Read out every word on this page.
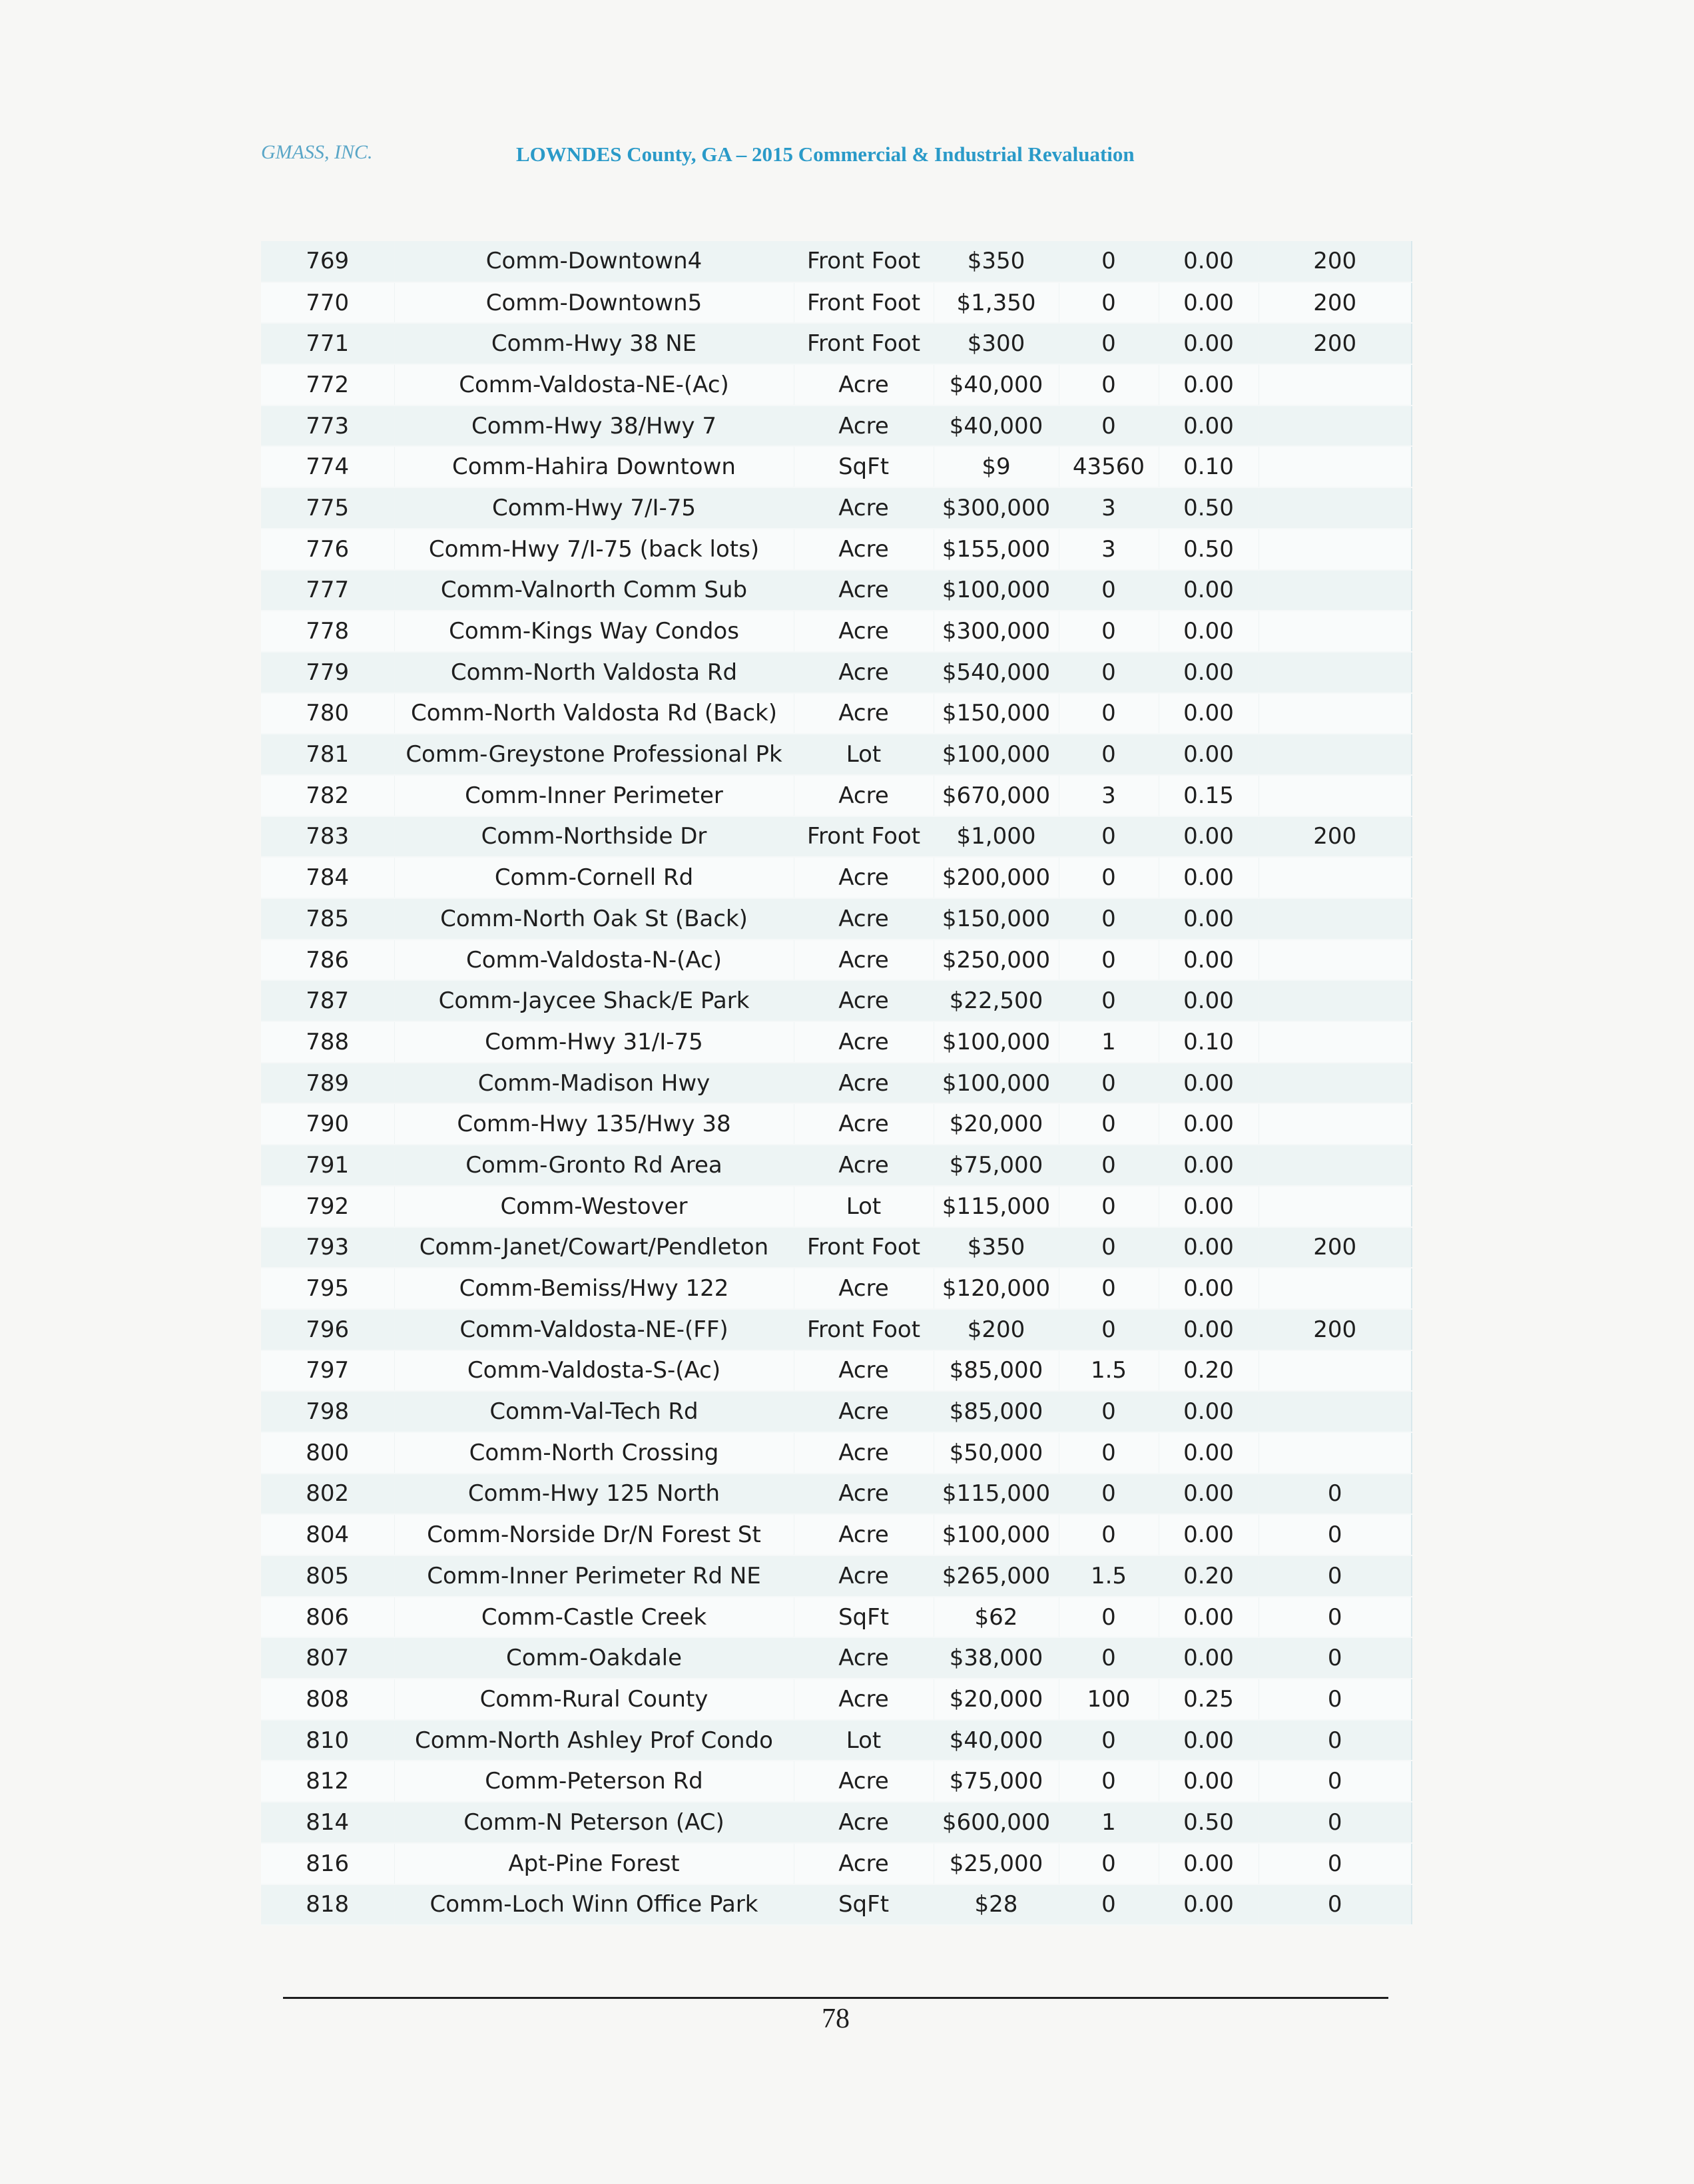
GMASS, INC.	LOWNDES County, GA – 2015 Commercial & Industrial Revaluation
769	Comm-Downtown4	Front Foot	$350	0	0.00	200
770	Comm-Downtown5	Front Foot	$1,350	0	0.00	200
771	Comm-Hwy 38 NE	Front Foot	$300	0	0.00	200
772	Comm-Valdosta-NE-(Ac)	Acre	$40,000	0	0.00	
773	Comm-Hwy 38/Hwy 7	Acre	$40,000	0	0.00	
774	Comm-Hahira Downtown	SqFt	$9	43560	0.10	
775	Comm-Hwy 7/I-75	Acre	$300,000	3	0.50	
776	Comm-Hwy 7/I-75 (back lots)	Acre	$155,000	3	0.50	
777	Comm-Valnorth Comm Sub	Acre	$100,000	0	0.00	
778	Comm-Kings Way Condos	Acre	$300,000	0	0.00	
779	Comm-North Valdosta Rd	Acre	$540,000	0	0.00	
780	Comm-North Valdosta Rd (Back)	Acre	$150,000	0	0.00	
781	Comm-Greystone Professional Pk	Lot	$100,000	0	0.00	
782	Comm-Inner Perimeter	Acre	$670,000	3	0.15	
783	Comm-Northside Dr	Front Foot	$1,000	0	0.00	200
784	Comm-Cornell Rd	Acre	$200,000	0	0.00	
785	Comm-North Oak St (Back)	Acre	$150,000	0	0.00	
786	Comm-Valdosta-N-(Ac)	Acre	$250,000	0	0.00	
787	Comm-Jaycee Shack/E Park	Acre	$22,500	0	0.00	
788	Comm-Hwy 31/I-75	Acre	$100,000	1	0.10	
789	Comm-Madison Hwy	Acre	$100,000	0	0.00	
790	Comm-Hwy 135/Hwy 38	Acre	$20,000	0	0.00	
791	Comm-Gronto Rd Area	Acre	$75,000	0	0.00	
792	Comm-Westover	Lot	$115,000	0	0.00	
793	Comm-Janet/Cowart/Pendleton	Front Foot	$350	0	0.00	200
795	Comm-Bemiss/Hwy 122	Acre	$120,000	0	0.00	
796	Comm-Valdosta-NE-(FF)	Front Foot	$200	0	0.00	200
797	Comm-Valdosta-S-(Ac)	Acre	$85,000	1.5	0.20	
798	Comm-Val-Tech Rd	Acre	$85,000	0	0.00	
800	Comm-North Crossing	Acre	$50,000	0	0.00	
802	Comm-Hwy 125 North	Acre	$115,000	0	0.00	0
804	Comm-Norside Dr/N Forest St	Acre	$100,000	0	0.00	0
805	Comm-Inner Perimeter Rd NE	Acre	$265,000	1.5	0.20	0
806	Comm-Castle Creek	SqFt	$62	0	0.00	0
807	Comm-Oakdale	Acre	$38,000	0	0.00	0
808	Comm-Rural County	Acre	$20,000	100	0.25	0
810	Comm-North Ashley Prof Condo	Lot	$40,000	0	0.00	0
812	Comm-Peterson Rd	Acre	$75,000	0	0.00	0
814	Comm-N Peterson (AC)	Acre	$600,000	1	0.50	0
816	Apt-Pine Forest	Acre	$25,000	0	0.00	0
818	Comm-Loch Winn Office Park	SqFt	$28	0	0.00	0
78
